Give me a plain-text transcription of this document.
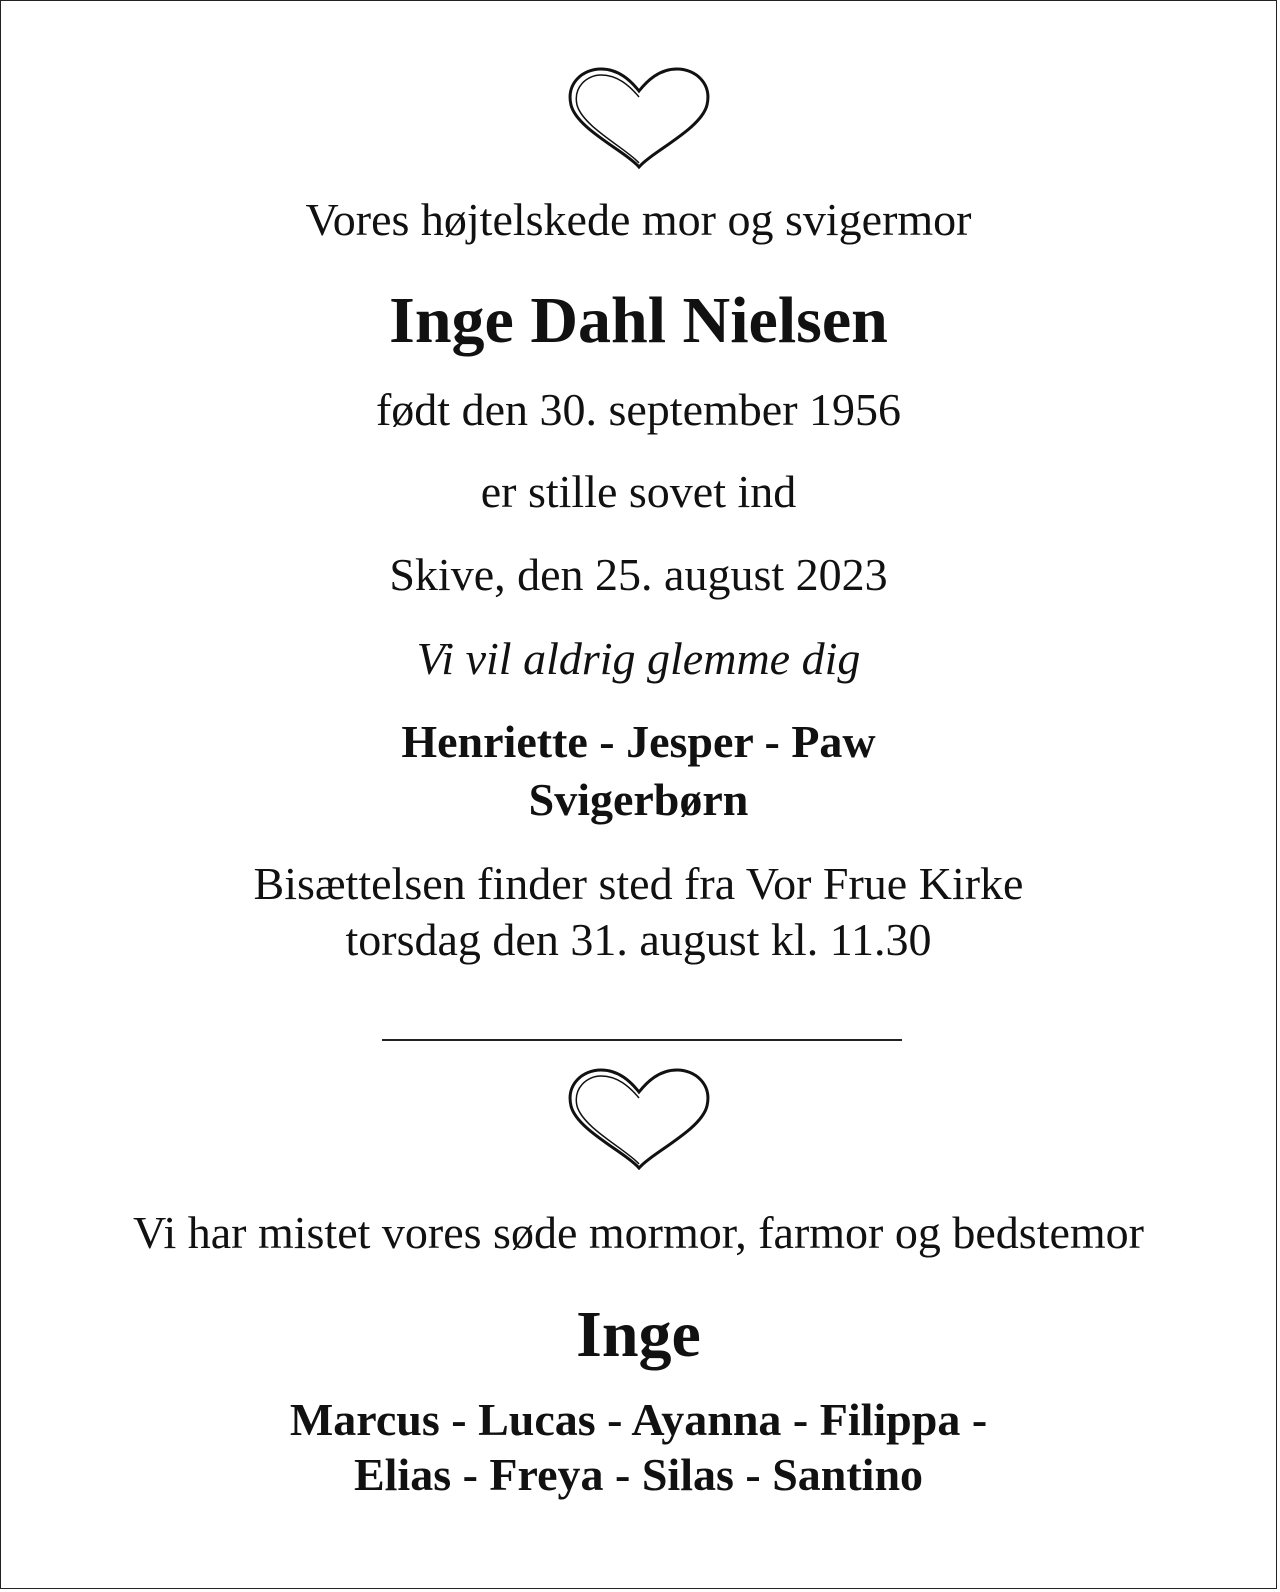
Vores højtelskede mor og svigermor
Inge Dahl Nielsen
født den 30. september 1956
er stille sovet ind
Skive, den 25. august 2023
Vi vil aldrig glemme dig
Henriette - Jesper - Paw
Svigerbørn
Bisættelsen finder sted fra Vor Frue Kirke
torsdag den 31. august kl. 11.30
Vi har mistet vores søde mormor, farmor og bedstemor
Inge
Marcus - Lucas - Ayanna - Filippa -
Elias - Freya - Silas - Santino
